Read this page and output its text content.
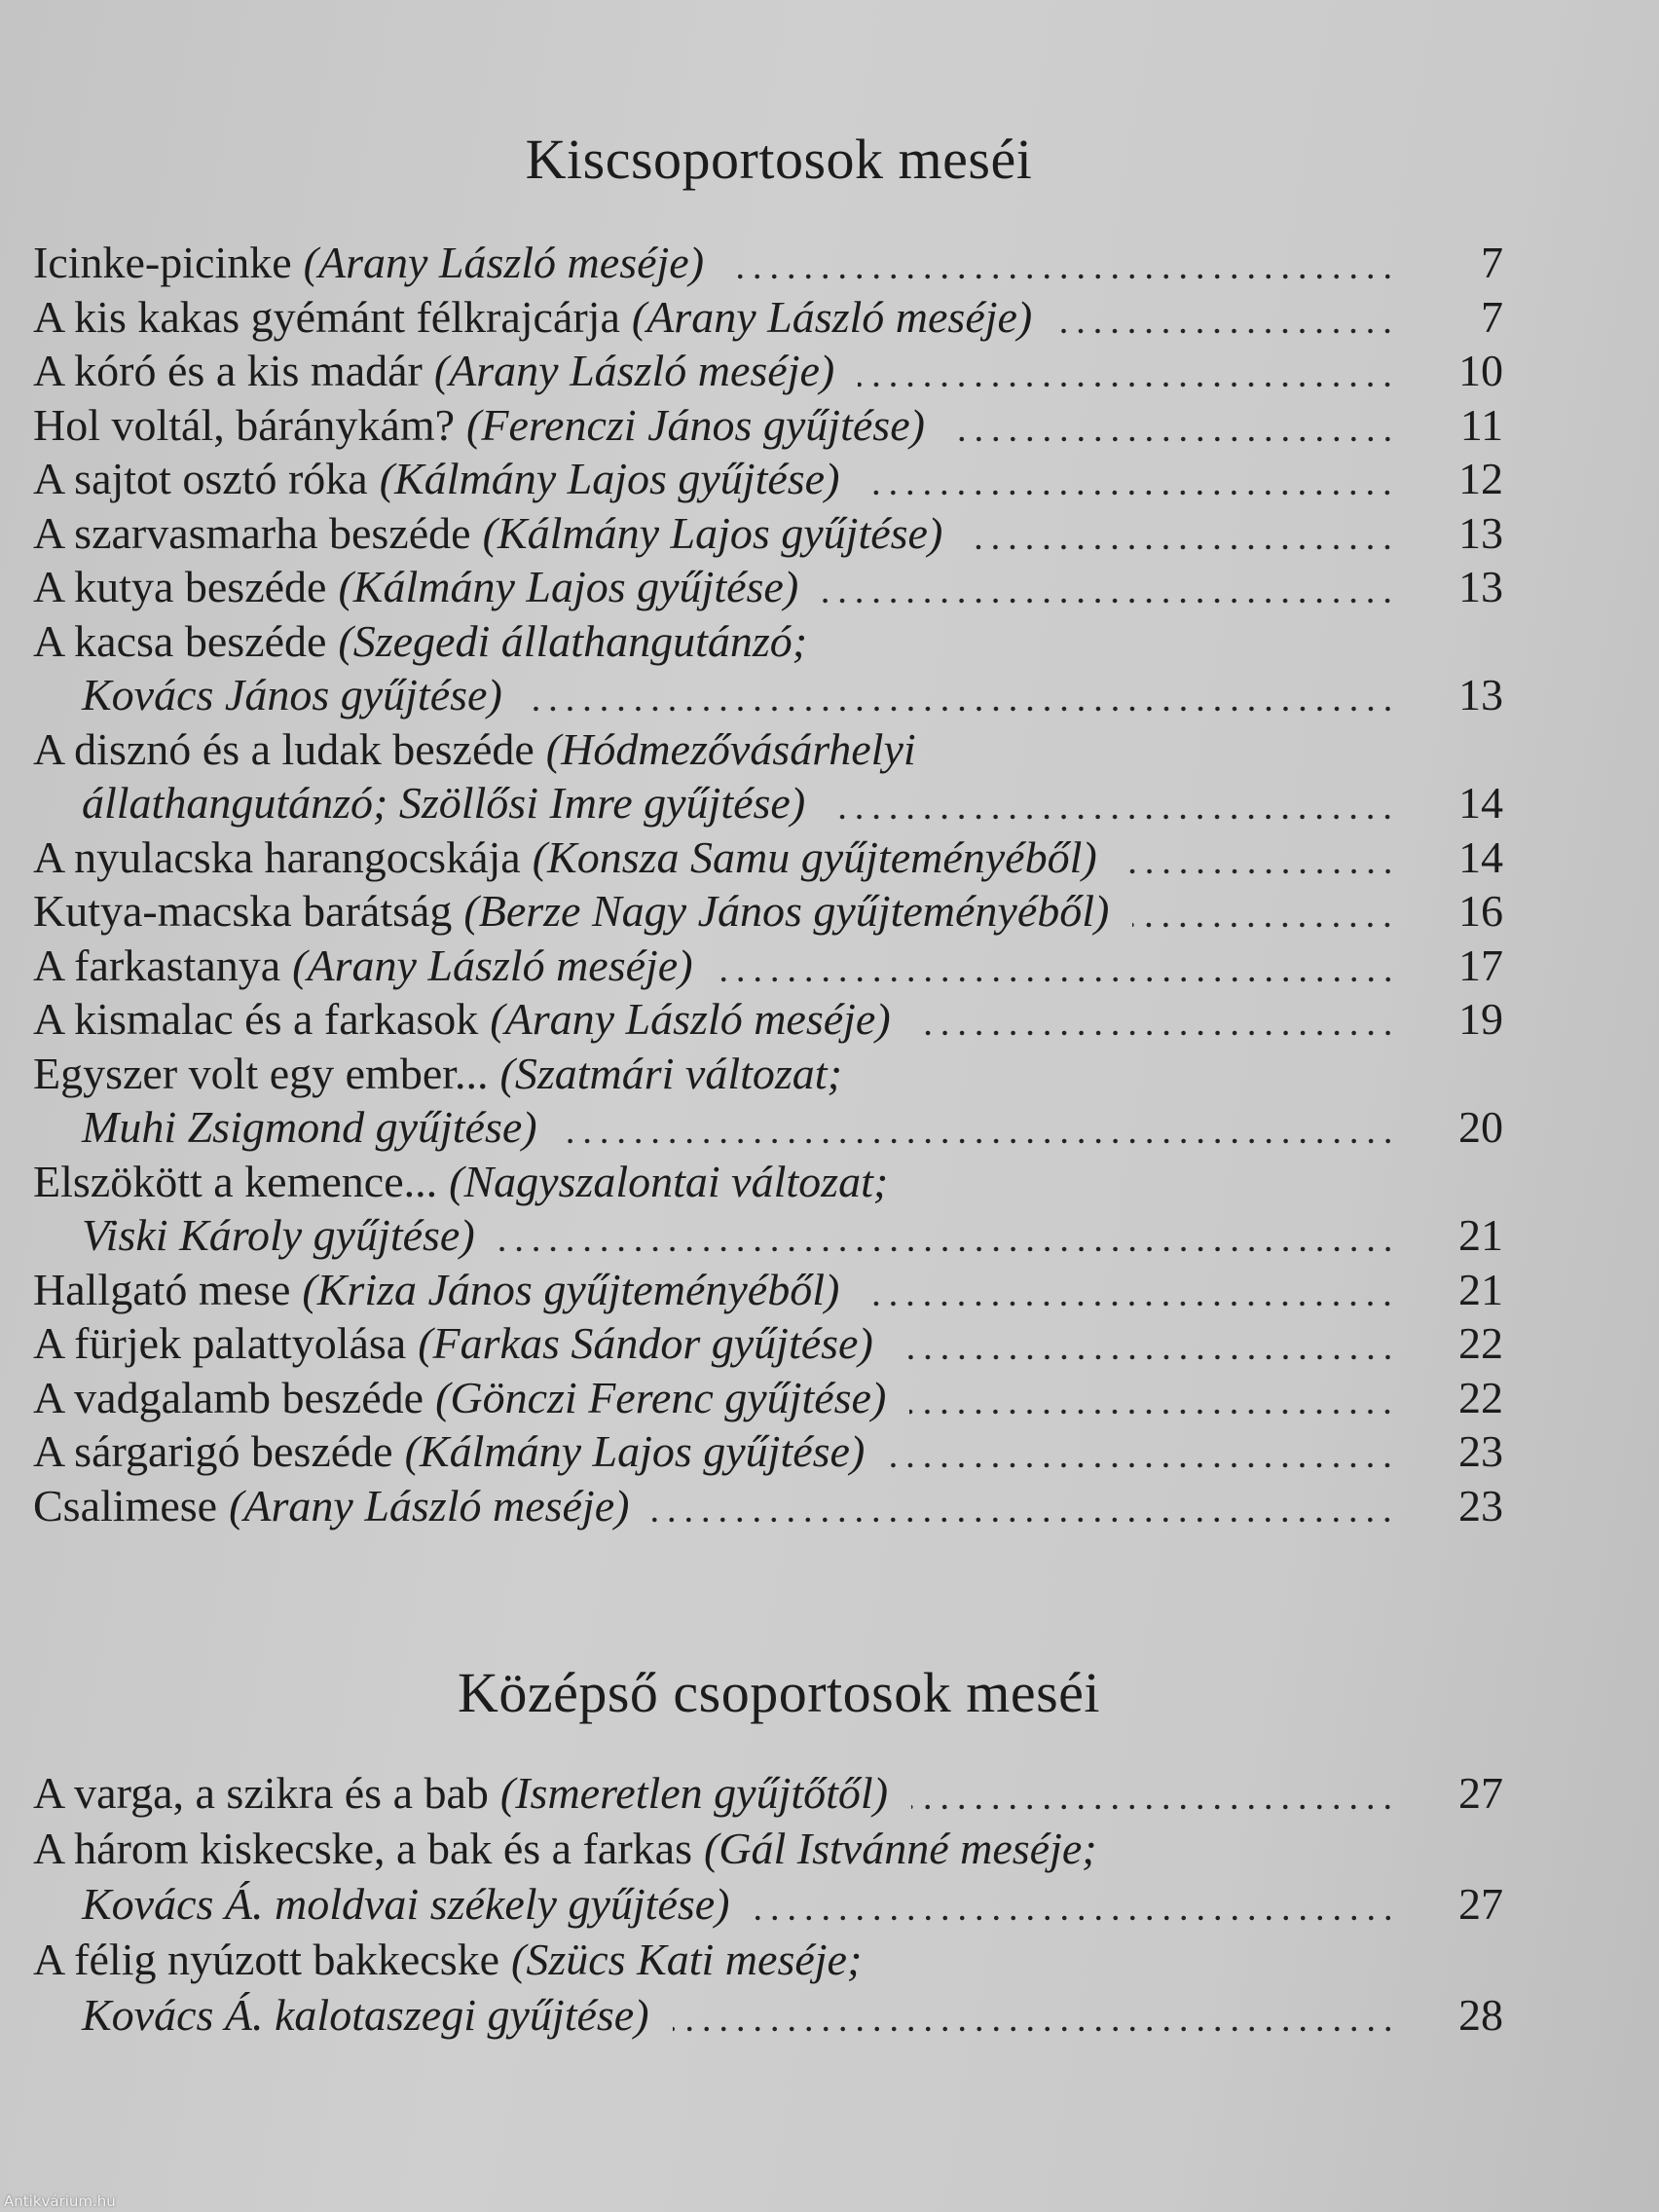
Kiscsoportosok meséi
Icinke-picinke (Arany László meséje)	7
A kis kakas gyémánt félkrajcárja (Arany László meséje)	7
A kóró és a kis madár (Arany László meséje)	10
Hol voltál, báránykám? (Ferenczi János gyűjtése)	11
A sajtot osztó róka (Kálmány Lajos gyűjtése)	12
A szarvasmarha beszéde (Kálmány Lajos gyűjtése)	13
A kutya beszéde (Kálmány Lajos gyűjtése)	13
A kacsa beszéde (Szegedi állathangutánzó;
Kovács János gyűjtése)	13
A disznó és a ludak beszéde (Hódmezővásárhelyi
állathangutánzó; Szöllősi Imre gyűjtése)	14
A nyulacska harangocskája (Konsza Samu gyűjteményéből)	14
Kutya-macska barátság (Berze Nagy János gyűjteményéből)	16
A farkastanya (Arany László meséje)	17
A kismalac és a farkasok (Arany László meséje)	19
Egyszer volt egy ember... (Szatmári változat;
Muhi Zsigmond gyűjtése)	20
Elszökött a kemence... (Nagyszalontai változat;
Viski Károly gyűjtése)	21
Hallgató mese (Kriza János gyűjteményéből)	21
A fürjek palattyolása (Farkas Sándor gyűjtése)	22
A vadgalamb beszéde (Gönczi Ferenc gyűjtése)	22
A sárgarigó beszéde (Kálmány Lajos gyűjtése)	23
Csalimese (Arany László meséje)	23
Középső csoportosok meséi
A varga, a szikra és a bab (Ismeretlen gyűjtőtől)	27
A három kiskecske, a bak és a farkas (Gál Istvánné meséje;
Kovács Á. moldvai székely gyűjtése)	27
A félig nyúzott bakkecske (Szücs Kati meséje;
Kovács Á. kalotaszegi gyűjtése)	28
Antikvárium.hu
